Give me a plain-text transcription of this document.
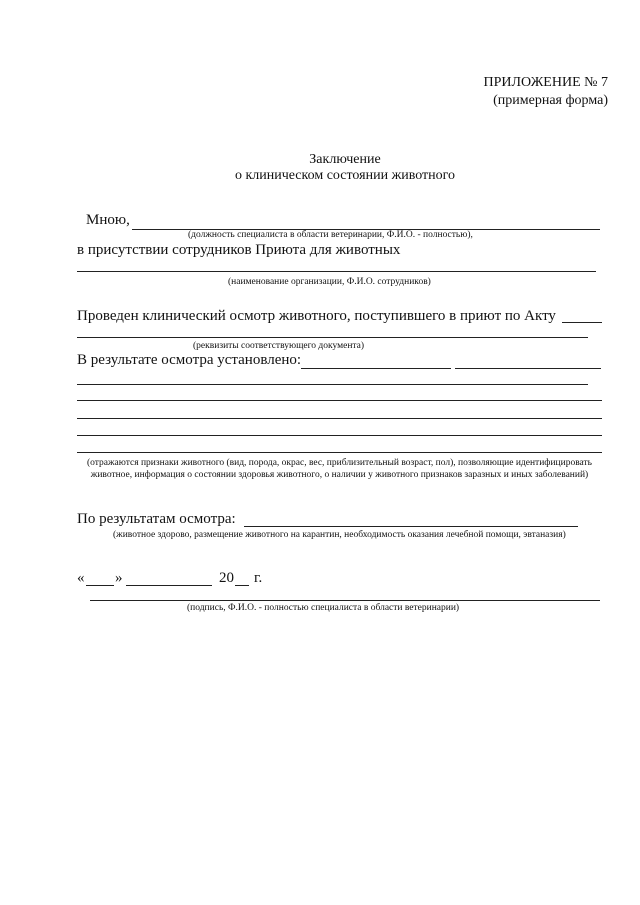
ПРИЛОЖЕНИЕ № 7
(примерная форма)
Заключение
о клиническом состоянии животного
Мною,
(должность специалиста в области ветеринарии, Ф.И.О. - полностью),
в присутствии сотрудников Приюта для животных
(наименование организации, Ф.И.О. сотрудников)
Проведен клинический осмотр животного, поступившего в приют по Акту
(реквизиты соответствующего документа)
В результате осмотра установлено:
(отражаются признаки животного (вид, порода, окрас, вес, приблизительный возраст, пол), позволяющие идентифицировать животное, информация о состоянии здоровья животного, о наличии у животного признаков заразных и иных заболеваний)
По результатам осмотра:
(животное здорово, размещение животного на карантин, необходимость оказания лечебной помощи, эвтаназия)
« »	20 г.
(подпись, Ф.И.О. - полностью специалиста в области ветеринарии)
